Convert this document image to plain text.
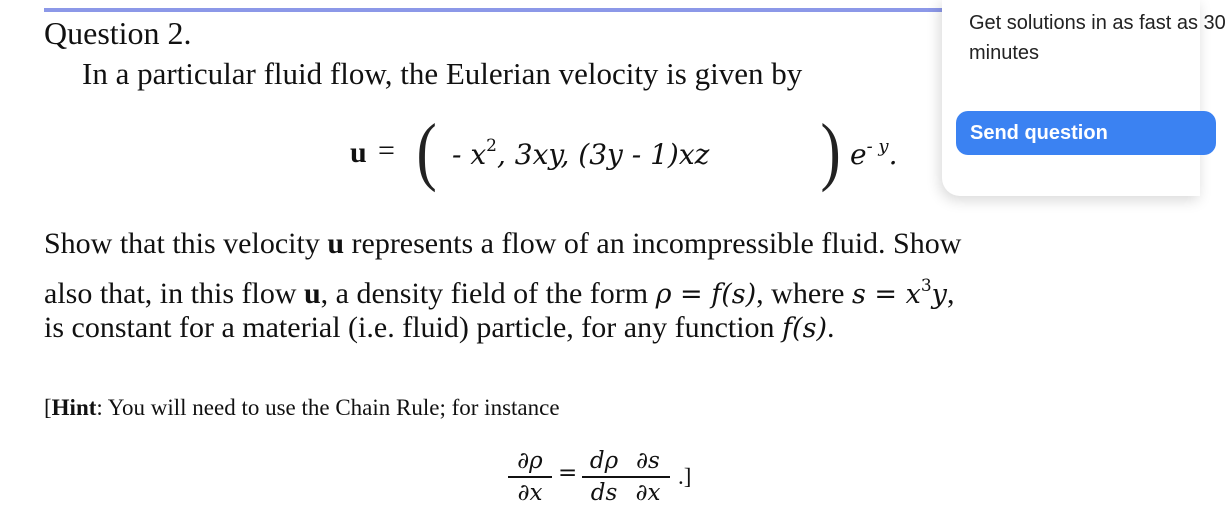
Question 2.
In a particular fluid flow, the Eulerian velocity is given by
u = ( - $x^2$, 3xy, (3y - 1)xz ) $e^{- y}$.
Show that this velocity u represents a flow of an incompressible fluid. Show
also that, in this flow u, a density field of the form ρ = f(s), where $s = x^3y$,
is constant for a material (i.e. fluid) particle, for any function f(s).
[Hint: You will need to use the Chain Rule; for instance
∂ρ
∂x
= dρ
ds
∂s
∂x
.]
Get solutions in as fast as 30 minutes
Send question
